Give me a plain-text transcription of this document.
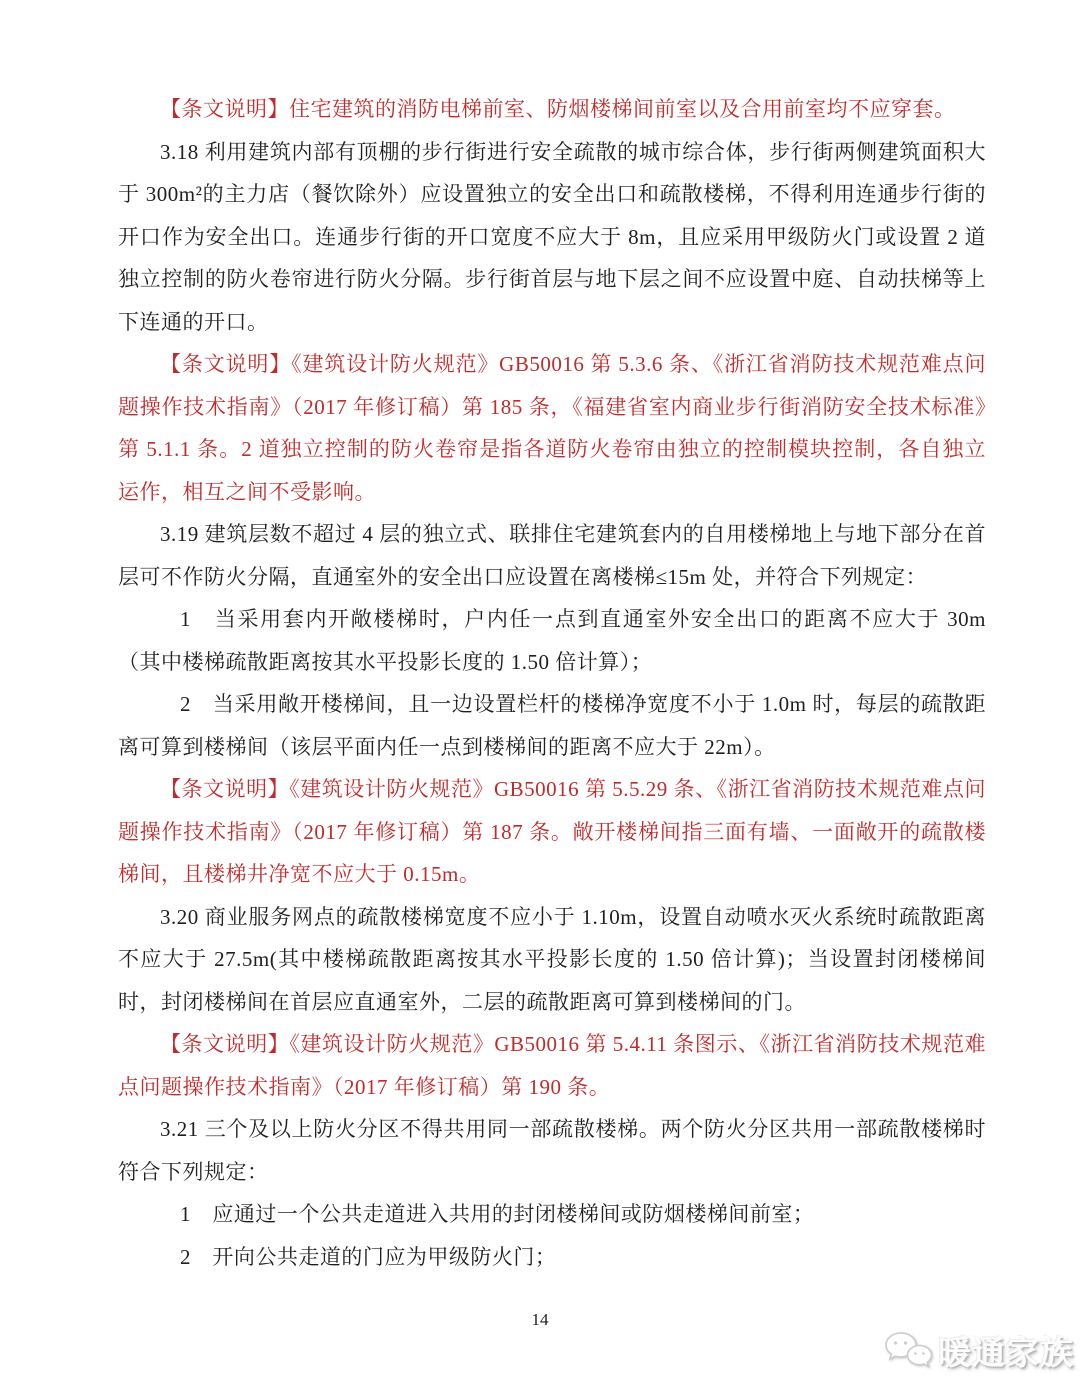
【条文说明】住宅建筑的消防电梯前室、防烟楼梯间前室以及合用前室均不应穿套。

3.18 利用建筑内部有顶棚的步行街进行安全疏散的城市综合体，步行街两侧建筑面积大于 300m²的主力店（餐饮除外）应设置独立的安全出口和疏散楼梯，不得利用连通步行街的开口作为安全出口。连通步行街的开口宽度不应大于 8m，且应采用甲级防火门或设置 2 道独立控制的防火卷帘进行防火分隔。步行街首层与地下层之间不应设置中庭、自动扶梯等上下连通的开口。

【条文说明】《建筑设计防火规范》GB50016 第 5.3.6 条、《浙江省消防技术规范难点问题操作技术指南》（2017 年修订稿）第 185 条，《福建省室内商业步行街消防安全技术标准》第 5.1.1 条。2 道独立控制的防火卷帘是指各道防火卷帘由独立的控制模块控制，各自独立运作，相互之间不受影响。

3.19 建筑层数不超过 4 层的独立式、联排住宅建筑套内的自用楼梯地上与地下部分在首层可不作防火分隔，直通室外的安全出口应设置在离楼梯≤15m 处，并符合下列规定：

1　当采用套内开敞楼梯时，户内任一点到直通室外安全出口的距离不应大于 30m（其中楼梯疏散距离按其水平投影长度的 1.50 倍计算）；

2　当采用敞开楼梯间，且一边设置栏杆的楼梯净宽度不小于 1.0m 时，每层的疏散距离可算到楼梯间（该层平面内任一点到楼梯间的距离不应大于 22m）。

【条文说明】《建筑设计防火规范》GB50016 第 5.5.29 条、《浙江省消防技术规范难点问题操作技术指南》（2017 年修订稿）第 187 条。敞开楼梯间指三面有墙、一面敞开的疏散楼梯间，且楼梯井净宽不应大于 0.15m。

3.20 商业服务网点的疏散楼梯宽度不应小于 1.10m，设置自动喷水灭火系统时疏散距离不应大于 27.5m(其中楼梯疏散距离按其水平投影长度的 1.50 倍计算)；当设置封闭楼梯间时，封闭楼梯间在首层应直通室外，二层的疏散距离可算到楼梯间的门。

【条文说明】《建筑设计防火规范》GB50016 第 5.4.11 条图示、《浙江省消防技术规范难点问题操作技术指南》（2017 年修订稿）第 190 条。

3.21 三个及以上防火分区不得共用同一部疏散楼梯。两个防火分区共用一部疏散楼梯时符合下列规定：

1　应通过一个公共走道进入共用的封闭楼梯间或防烟楼梯间前室；

2　开向公共走道的门应为甲级防火门；

14
暖通家族
